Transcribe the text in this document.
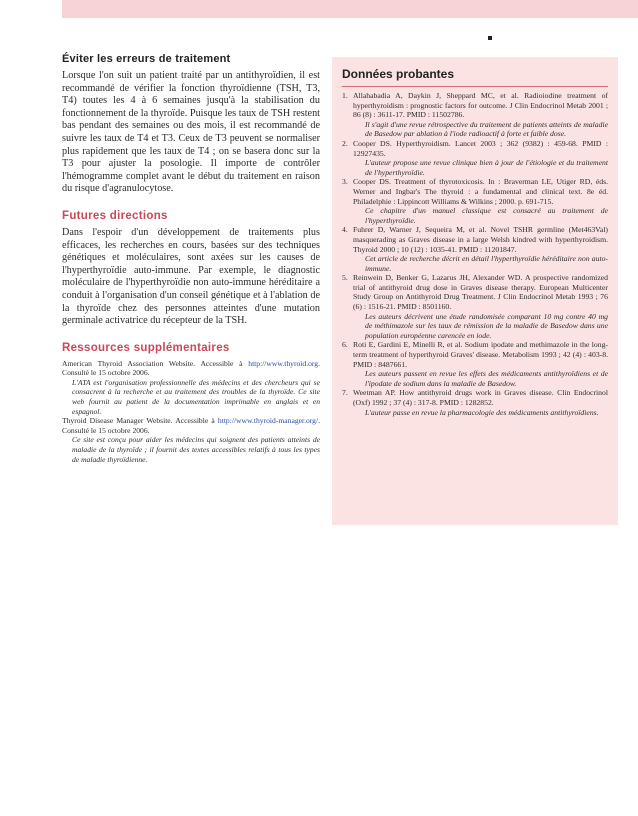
Éviter les erreurs de traitement

Lorsque l'on suit un patient traité par un antithyroïdien, il est recommandé de vérifier la fonction thyroïdienne (TSH, T3, T4) toutes les 4 à 6 semaines jusqu'à la stabilisation du fonctionnement de la thyroïde. Puisque les taux de TSH restent bas pendant des semaines ou des mois, il est recommandé de suivre les taux de T4 et T3. Ceux de T3 peuvent se normaliser plus rapidement que les taux de T4 ; on se basera donc sur la T3 pour ajuster la posologie. Il importe de contrôler l'hémogramme complet avant le début du traitement en raison du risque d'agranulocytose.

Futures directions

Dans l'espoir d'un développement de traitements plus efficaces, les recherches en cours, basées sur des techniques génétiques et moléculaires, sont axées sur les causes de l'hyperthyroïdie auto-immune. Par exemple, le diagnostic moléculaire de l'hyperthyroïdie non auto-immune héréditaire a conduit à l'organisation d'un conseil génétique et à l'ablation de la thyroïde chez des personnes atteintes d'une mutation germinale activatrice du récepteur de la TSH.

Ressources supplémentaires
American Thyroid Association Website. Accessible à http://www.thyroid.org. Consulté le 15 octobre 2006.
L'ATA est l'organisation professionnelle des médecins et des chercheurs qui se consacrent à la recherche et au traitement des troubles de la thyroïde. Ce site web fournit au patient de la documentation imprimable en anglais et en espagnol.
Thyroid Disease Manager Website. Accessible à http://www.thyroid-manager.org/. Consulté le 15 octobre 2006.
Ce site est conçu pour aider les médecins qui soignent des patients atteints de maladie de la thyroïde ; il fournit des textes accessibles relatifs à tous les types de maladie thyroïdienne.
Données probantes
1. Allahabadia A, Daykin J, Sheppard MC, et al. Radioiodine treatment of hyperthyroidism : prognostic factors for outcome. J Clin Endocrinol Metab 2001 ; 86 (8) : 3611-17. PMID : 11502786.
Il s'agit d'une revue rétrospective du traitement de patients atteints de maladie de Basedow par ablation à l'iode radioactif à forte et faible dose.
2. Cooper DS. Hyperthyroidism. Lancet 2003 ; 362 (9382) : 459-68. PMID : 12927435.
L'auteur propose une revue clinique bien à jour de l'étiologie et du traitement de l'hyperthyroïdie.
3. Cooper DS. Treatment of thyrotoxicosis. In : Braverman LE, Utiger RD, éds. Werner and Ingbar's The thyroid : a fundamental and clinical text. 8e éd. Philadelphie : Lippincott Williams & Wilkins ; 2000. p. 691-715.
Ce chapitre d'un manuel classique est consacré au traitement de l'hyperthyroïdie.
4. Fuhrer D, Warner J, Sequeira M, et al. Novel TSHR germline (Met463Val) masquerading as Graves disease in a large Welsh kindred with hyperthyroidism. Thyroid 2000 ; 10 (12) : 1035-41. PMID : 11201847.
Cet article de recherche décrit en détail l'hyperthyroïdie héréditaire non auto-immune.
5. Reinwein D, Benker G, Lazarus JH, Alexander WD. A prospective randomized trial of antithyroid drug dose in Graves disease therapy. European Multicenter Study Group on Antithyroid Drug Treatment. J Clin Endocrinol Metab 1993 ; 76 (6) : 1516-21. PMID : 8501160.
Les auteurs décrivent une étude randomisée comparant 10 mg contre 40 mg de méthimazole sur les taux de rémission de la maladie de Basedow dans une population européenne carencée en iode.
6. Roti E, Gardini E, Minelli R, et al. Sodium ipodate and methimazole in the long-term treatment of hyperthyroid Graves' disease. Metabolism 1993 ; 42 (4) : 403-8. PMID : 8487661.
Les auteurs passent en revue les effets des médicaments antithyroïdiens et de l'ipodate de sodium dans la maladie de Basedow.
7. Weetman AP. How antithyroid drugs work in Graves disease. Clin Endocrinol (Oxf) 1992 ; 37 (4) : 317-8. PMID : 1282852.
L'auteur passe en revue la pharmacologie des médicaments antithyroïdiens.
